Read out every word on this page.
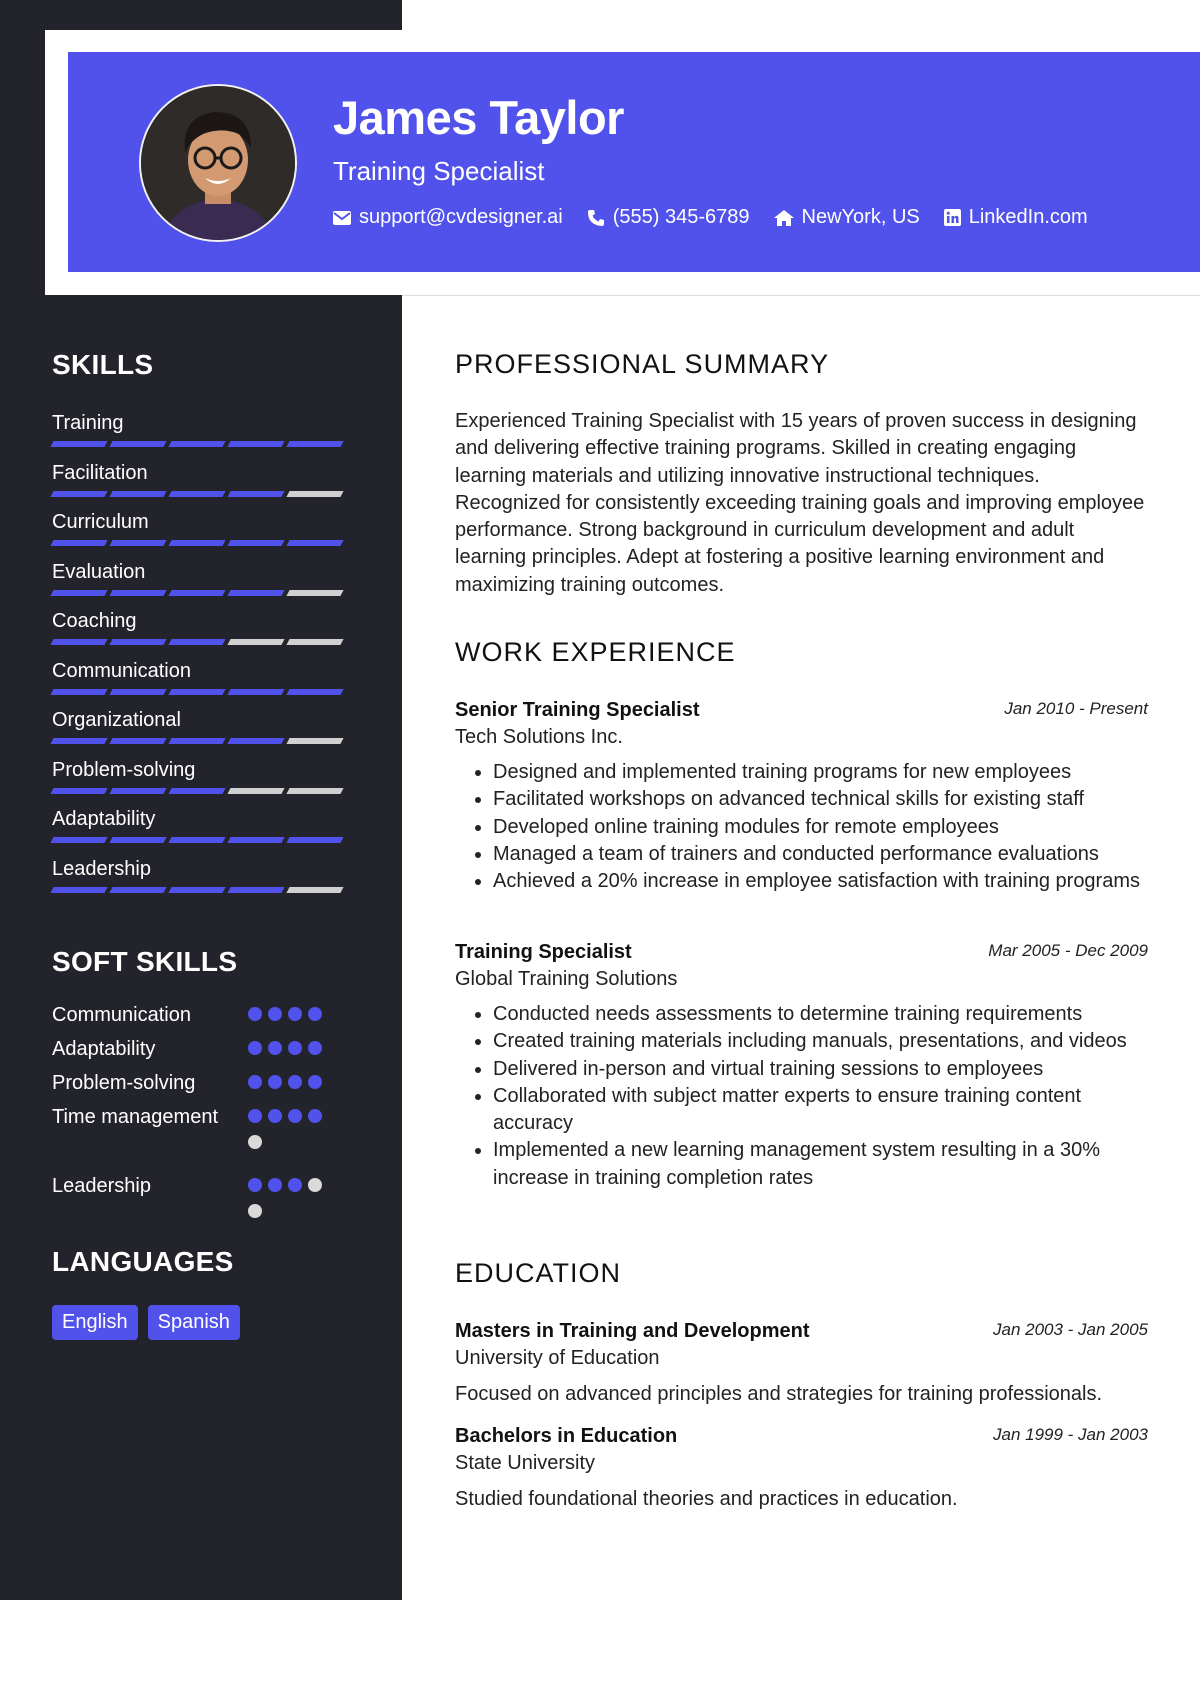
James Taylor
Training Specialist
support@cvdesigner.ai	(555) 345-6789	NewYork, US LinkedIn.com
SKILLS
Training
Facilitation
Curriculum
Evaluation
Coaching
Communication
Organizational
Problem-solving
Adaptability
Leadership
SOFT SKILLS
Communication
Adaptability
Problem-solving
Time management
Leadership
LANGUAGES
English	Spanish
PROFESSIONAL SUMMARY

Experienced Training Specialist with 15 years of proven success in designing and delivering effective training programs. Skilled in creating engaging learning materials and utilizing innovative instructional techniques. Recognized for consistently exceeding training goals and improving employee performance. Strong background in curriculum development and adult learning principles. Adept at fostering a positive learning environment and maximizing training outcomes.

WORK EXPERIENCE
Senior Training Specialist	Jan 2010 - Present
Tech Solutions Inc.
• Designed and implemented training programs for new employees
• Facilitated workshops on advanced technical skills for existing staff
• Developed online training modules for remote employees
• Managed a team of trainers and conducted performance evaluations
• Achieved a 20% increase in employee satisfaction with training programs
Training Specialist	Mar 2005 - Dec 2009
Global Training Solutions
• Conducted needs assessments to determine training requirements
• Created training materials including manuals, presentations, and videos
• Delivered in-person and virtual training sessions to employees
• Collaborated with subject matter experts to ensure training content accuracy
• Implemented a new learning management system resulting in a 30% increase in training completion rates
EDUCATION
Masters in Training and Development	Jan 2003 - Jan 2005
University of Education

Focused on advanced principles and strategies for training professionals.

Bachelors in Education	Jan 1999 - Jan 2003
State University

Studied foundational theories and practices in education.
